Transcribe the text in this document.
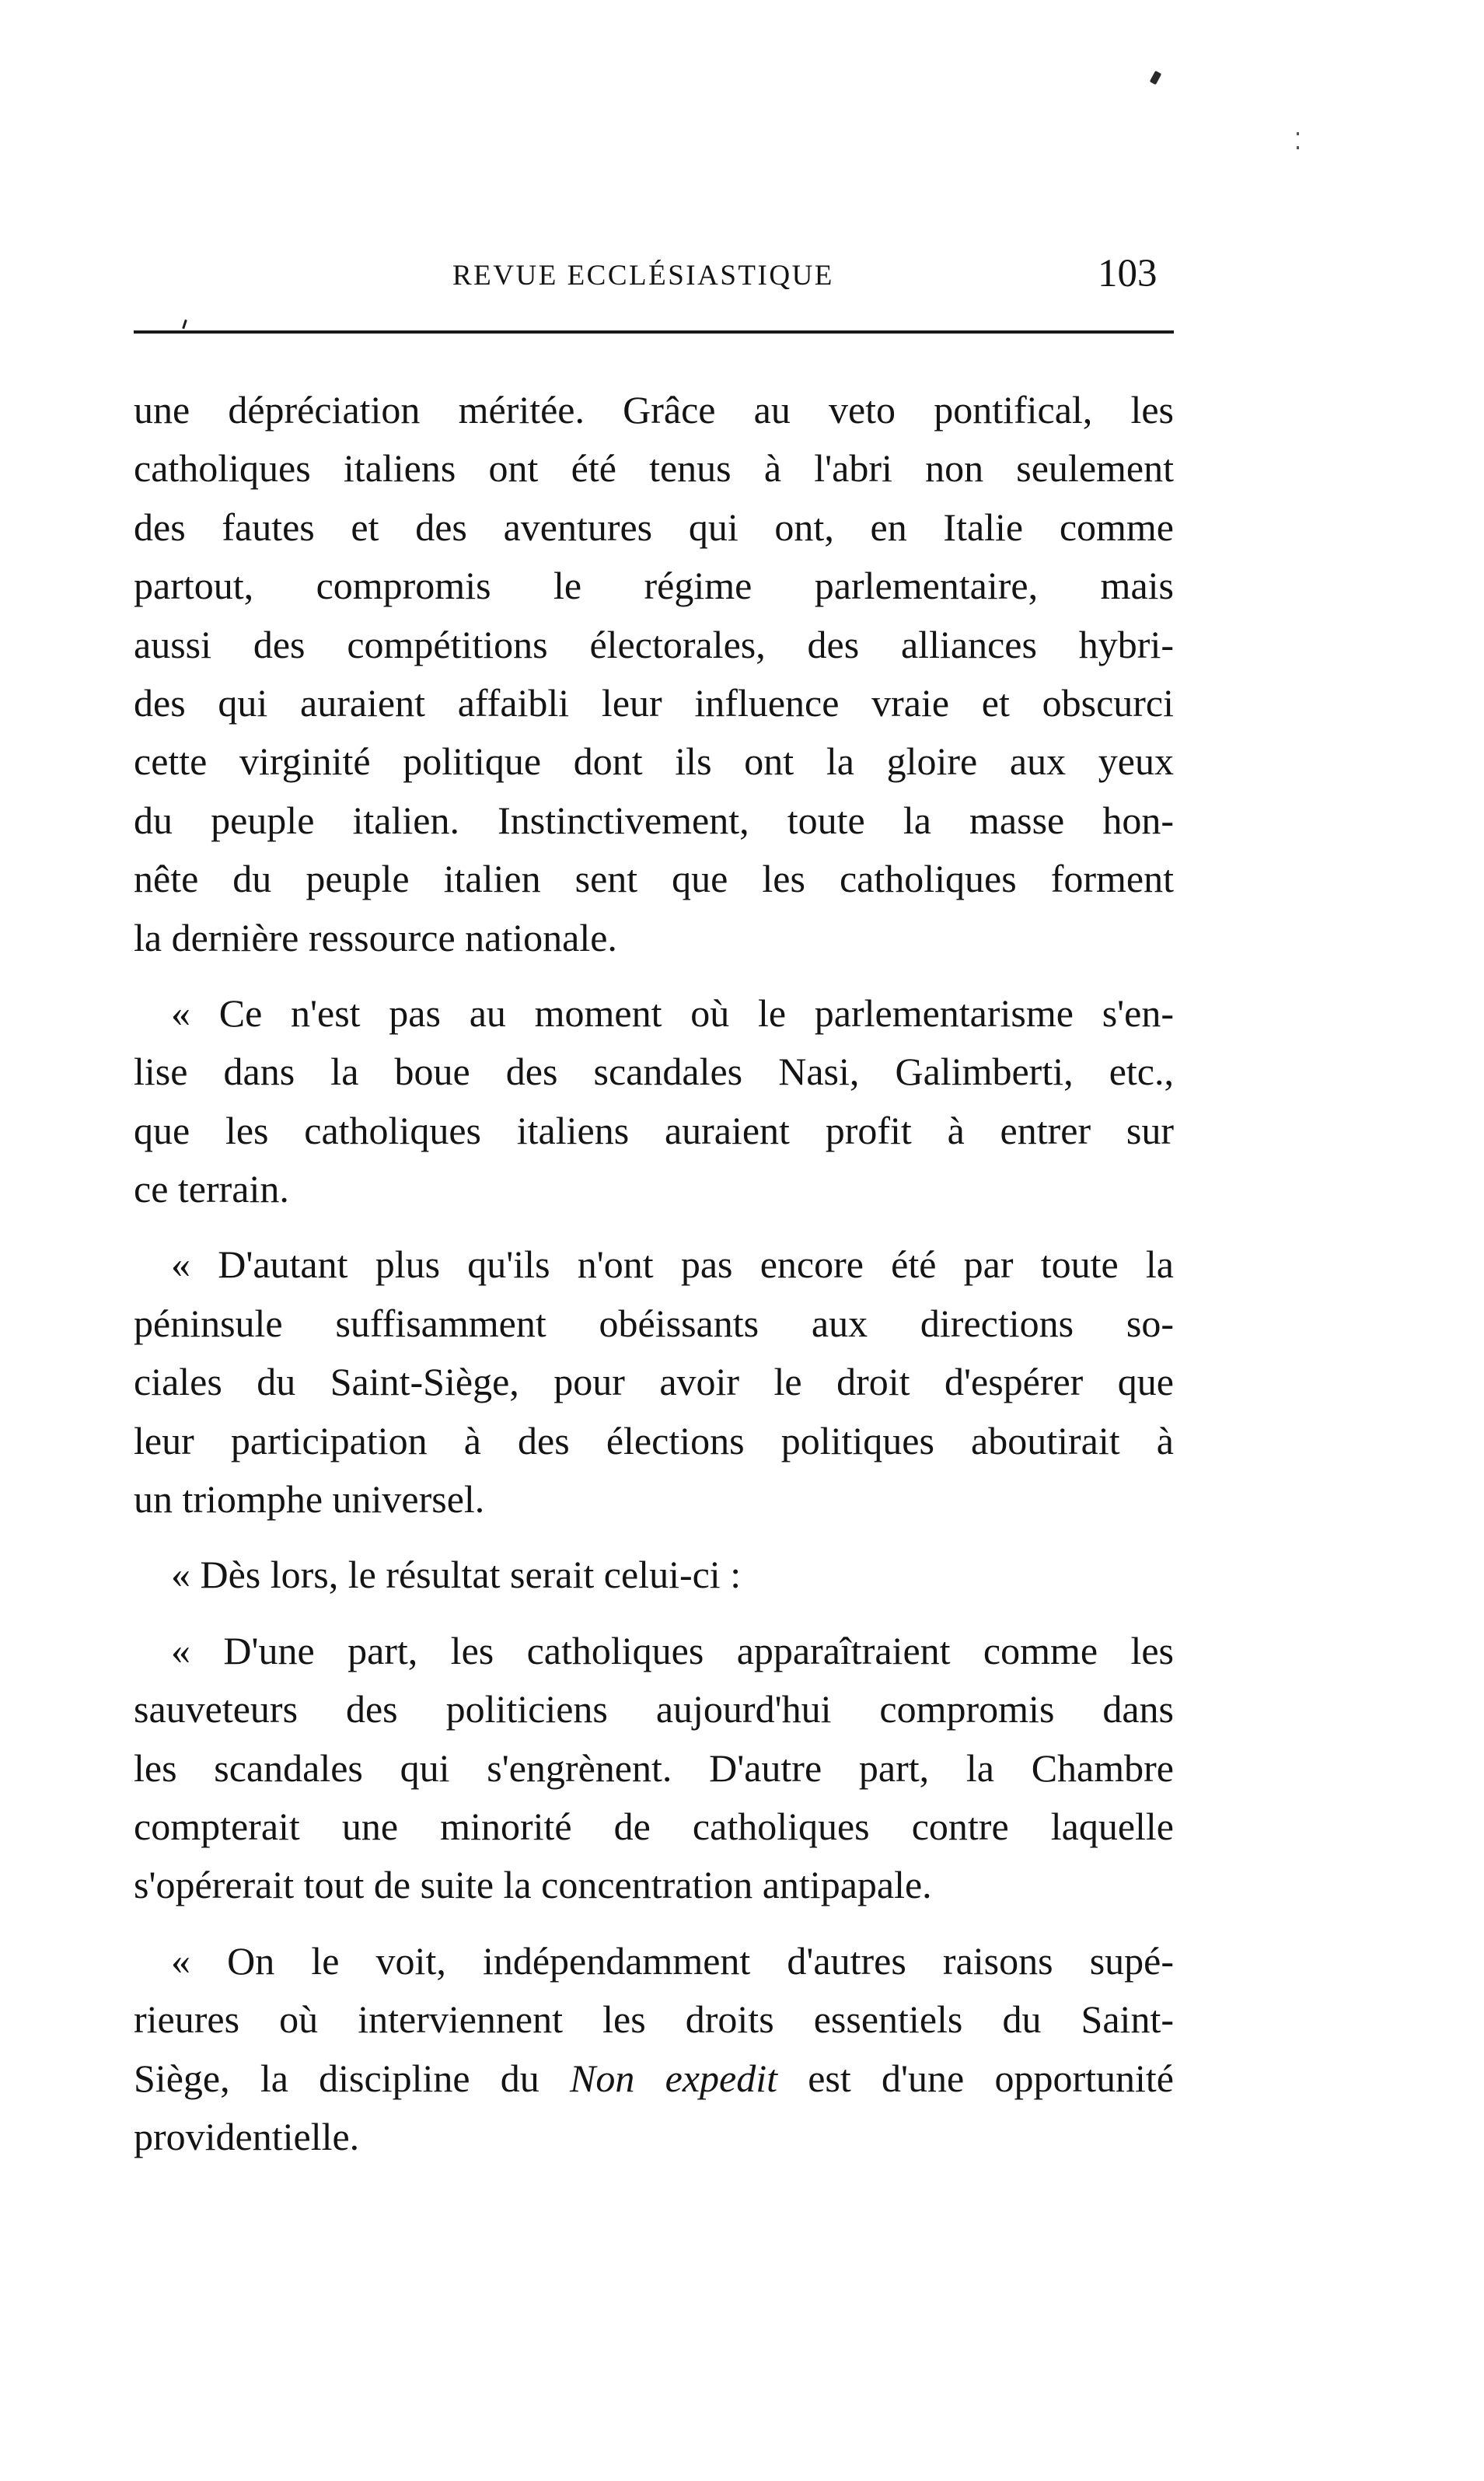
REVUE ECCLÉSIASTIQUE	103
une dépréciation méritée. Grâce au veto pontifical, les
catholiques italiens ont été tenus à l'abri non seulement
des fautes et des aventures qui ont, en Italie comme
partout, compromis le régime parlementaire, mais
aussi des compétitions électorales, des alliances hybri-
des qui auraient affaibli leur influence vraie et obscurci
cette virginité politique dont ils ont la gloire aux yeux
du peuple italien. Instinctivement, toute la masse hon-
nête du peuple italien sent que les catholiques forment
la dernière ressource nationale.
« Ce n'est pas au moment où le parlementarisme s'en-
lise dans la boue des scandales Nasi, Galimberti, etc.,
que les catholiques italiens auraient profit à entrer sur
ce terrain.
« D'autant plus qu'ils n'ont pas encore été par toute la
péninsule suffisamment obéissants aux directions so-
ciales du Saint-Siège, pour avoir le droit d'espérer que
leur participation à des élections politiques aboutirait à
un triomphe universel.
« Dès lors, le résultat serait celui-ci :
« D'une part, les catholiques apparaîtraient comme les
sauveteurs des politiciens aujourd'hui compromis dans
les scandales qui s'engrènent. D'autre part, la Chambre
compterait une minorité de catholiques contre laquelle
s'opérerait tout de suite la concentration antipapale.
« On le voit, indépendamment d'autres raisons supé-
rieures où interviennent les droits essentiels du Saint-
Siège, la discipline du Non expedit est d'une opportunité
providentielle.
